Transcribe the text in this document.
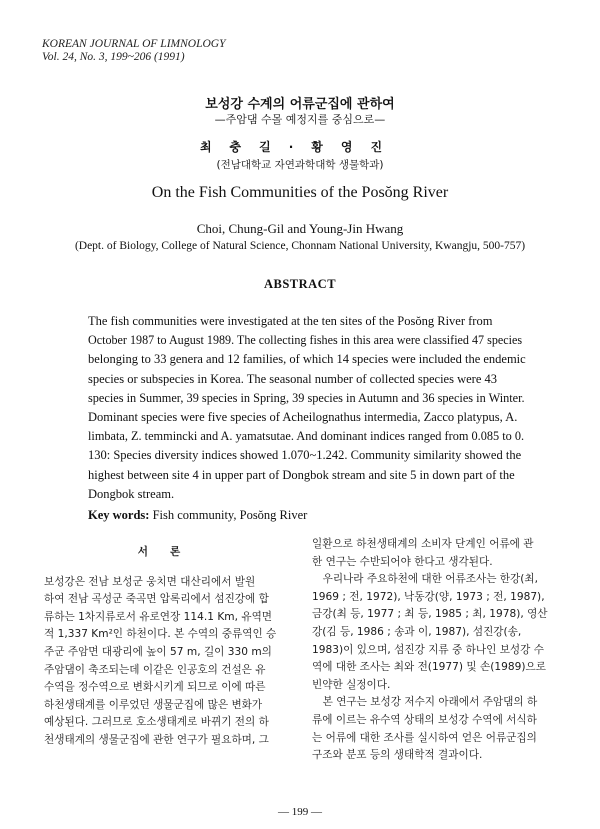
KOREAN JOURNAL OF LIMNOLOGY
Vol. 24, No. 3, 199~206 (1991)
보성강 수계의 어류군집에 관하여
—주암댐 수몰 예정지를 중심으로—
최충길·황영진
(전남대학교 자연과학대학 생물학과)
On the Fish Communities of the Posŏng River
Choi, Chung-Gil and Young-Jin Hwang
(Dept. of Biology, College of Natural Science, Chonnam National University, Kwangju, 500-757)
ABSTRACT
The fish communities were investigated at the ten sites of the Posŏng River from
October 1987 to August 1989. The collecting fishes in this area were classified 47 species
belonging to 33 genera and 12 families, of which 14 species were included the endemic
species or subspecies in Korea. The seasonal number of collected species were 43
species in Summer, 39 species in Spring, 39 species in Autumn and 36 species in Winter.
Dominant species were five species of Acheilognathus intermedia, Zacco platypus, A.
limbata, Z. temmincki and A. yamatsutae. And dominant indices ranged from 0.085 to 0.
130: Species diversity indices showed 1.070~1.242. Community similarity showed the
highest between site 4 in upper part of Dongbok stream and site 5 in down part of the
Dongbok stream.
Key words: Fish community, Posŏng River
서론
보성강은 전남 보성군 웅치면 대산리에서 발원
하여 전남 곡성군 죽곡면 압록리에서 섬진강에 합
류하는 1차지류로서 유로연장 114.1 Km, 유역면
적 1,337 Km²인 하천이다. 본 수역의 중류역인 승
주군 주암면 대광리에 높이 57 m, 길이 330 m의
주암댐이 축조되는데 이같은 인공호의 건설은 유
수역을 정수역으로 변화시키게 되므로 이에 따른
하천생태계를 이루었던 생물군집에 많은 변화가
예상된다. 그러므로 호소생태계로 바뀌기 전의 하
천생태계의 생물군집에 관한 연구가 필요하며, 그
일환으로 하천생태계의 소비자 단계인 어류에 관
한 연구는 수반되어야 한다고 생각된다.
　우리나라 주요하천에 대한 어류조사는 한강(최,
1969 ; 전, 1972), 낙동강(양, 1973 ; 전, 1987),
금강(최 등, 1977 ; 최 등, 1985 ; 최, 1978), 영산
강(김 등, 1986 ; 송과 이, 1987), 섬진강(송,
1983)이 있으며, 섬진강 지류 중 하나인 보성강 수
역에 대한 조사는 최와 전(1977) 및 손(1989)으로
빈약한 실정이다.
　본 연구는 보성강 저수지 아래에서 주암댐의 하
류에 이르는 유수역 상태의 보성강 수역에 서식하
는 어류에 대한 조사를 실시하여 얻은 어류군집의
구조와 분포 등의 생태학적 결과이다.
— 199 —
